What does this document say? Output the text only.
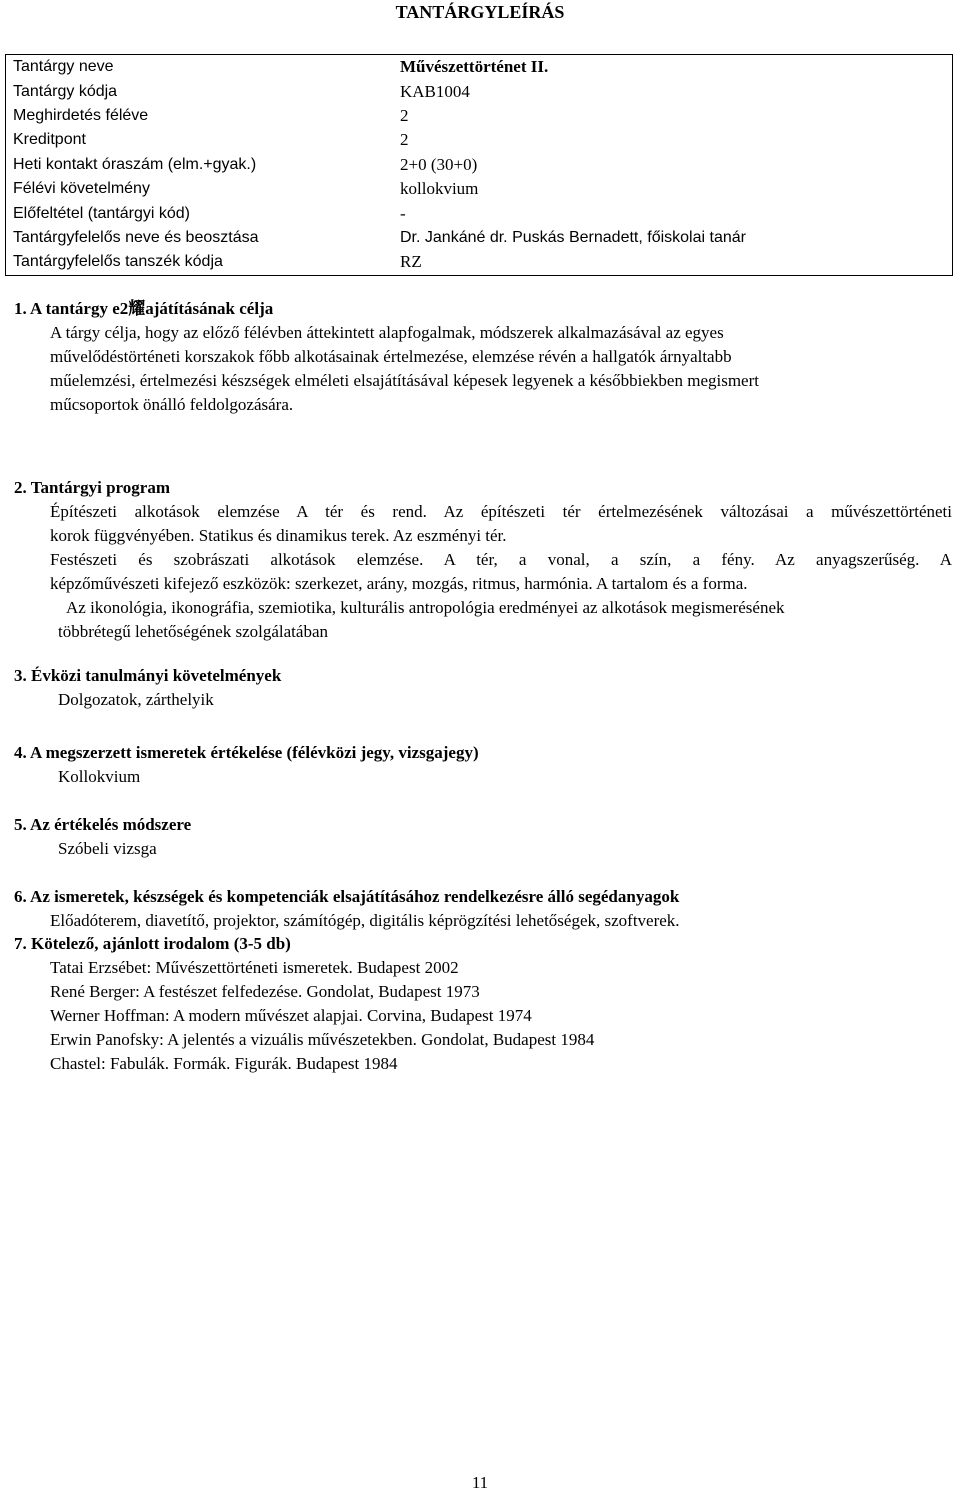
TANTÁRGYLEÍRÁS
Tantárgy neve	Művészettörténet II.
Tantárgy kódja	KAB1004
Meghirdetés féléve	2
Kreditpont	2
Heti kontakt óraszám (elm.+gyak.)	2+0 (30+0)
Félévi követelmény	kollokvium
Előfeltétel (tantárgyi kód)	-
Tantárgyfelelős neve és beosztása	Dr. Jankáné dr. Puskás Bernadett, főiskolai tanár
Tantárgyfelelős tanszék kódja	RZ
1. A tantárgy e2耀ajátításának célja
A tárgy célja, hogy az előző félévben áttekintett alapfogalmak, módszerek alkalmazásával az egyes
művelődéstörténeti korszakok főbb alkotásainak értelmezése, elemzése révén a hallgatók árnyaltabb
műelemzési, értelmezési készségek elméleti elsajátításával képesek legyenek a későbbiekben megismert
műcsoportok önálló feldolgozására.
2. Tantárgyi program
Építészeti alkotások elemzése A tér és rend. Az építészeti tér értelmezésének változásai a művészettörténeti
korok függvényében. Statikus és dinamikus terek. Az eszményi tér.
Festészeti és szobrászati alkotások elemzése. A tér, a vonal, a szín, a fény. Az anyagszerűség. A
képzőművészeti kifejező eszközök: szerkezet, arány, mozgás, ritmus, harmónia. A tartalom és a forma.
Az ikonológia, ikonográfia, szemiotika, kulturális antropológia eredményei az alkotások megismerésének
többrétegű lehetőségének szolgálatában
3. Évközi tanulmányi követelmények
Dolgozatok, zárthelyik
4. A megszerzett ismeretek értékelése (félévközi jegy, vizsgajegy)
Kollokvium
5. Az értékelés módszere
Szóbeli vizsga
6. Az ismeretek, készségek és kompetenciák elsajátításához rendelkezésre álló segédanyagok
Előadóterem, diavetítő, projektor, számítógép, digitális képrögzítési lehetőségek, szoftverek.
7. Kötelező, ajánlott irodalom (3-5 db)
Tatai Erzsébet: Művészettörténeti ismeretek. Budapest 2002
René Berger: A festészet felfedezése. Gondolat, Budapest 1973
Werner Hoffman: A modern művészet alapjai. Corvina, Budapest 1974
Erwin Panofsky: A jelentés a vizuális művészetekben. Gondolat, Budapest 1984
Chastel: Fabulák. Formák. Figurák. Budapest 1984
11
